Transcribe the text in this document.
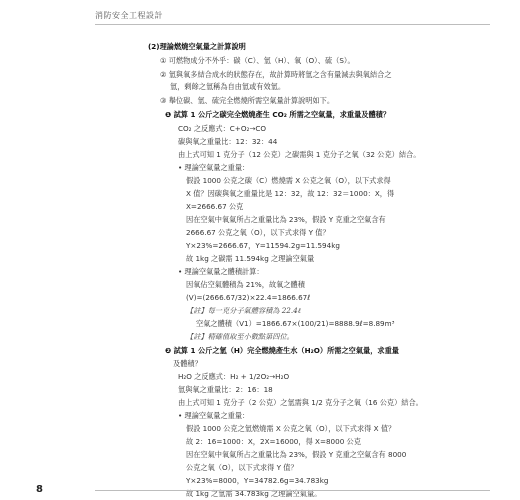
消防安全工程設計
(2)理論燃燒空氣量之計算說明
① 可燃物成分不外乎：碳（C）、氫（H）、氧（O）、硫（S）。
② 氫與氧多結合成水的狀態存在，故計算時將氫之含有量減去與氧結合之
氫，剩餘之氫稱為自由氫或有效氫。
③ 舉位碳、氫、硫完全燃燒所需空氣量計算說明如下。
❶ 試算 1 公斤之碳完全燃燒產生 CO₂ 所需之空氣量，求重量及體積？
CO₂ 之反應式：C+O₂→CO
碳與氧之重量比：12：32：44
由上式可知 1 克分子（12 公克）之碳需與 1 克分子之氧（32 公克）結合。
• 理論空氣量之重量：
假設 1000 公克之碳（C）燃燒需 X 公克之氧（O），以下式求得
X 值？因碳與氧之重量比是 12：32，故 12：32＝1000：X，得
X=2666.67 公克
因在空氣中氧氣所占之重量比為 23%，假設 Y 克重之空氣含有
2666.67 公克之氧（O），以下式求得 Y 值？
Y×23%=2666.67，Y=11594.2g=11.594kg
故 1kg 之碳需 11.594kg 之理論空氣量
• 理論空氣量之體積計算：
因氧佔空氣體積為 21%，故氧之體積
(V)=(2666.67/32)×22.4=1866.67ℓ
【註】每一克分子氣體容積為 22.4ℓ
空氣之體積（V1）=1866.67×(100/21)=8888.9ℓ=8.89m³
【註】精確值取至小數點第四位。
❷ 試算 1 公斤之氫（H）完全燃燒產生水（H₂O）所需之空氣量，求重量
及體積？
H₂O 之反應式：H₂ + 1/2O₂→H₂O
氫與氧之重量比：2：16：18
由上式可知 1 克分子（2 公克）之氫需與 1/2 克分子之氧（16 公克）結合。
• 理論空氣量之重量：
假設 1000 公克之氫燃燒需 X 公克之氧（O），以下式求得 X 值？
故 2：16=1000：X，2X=16000，得 X=8000 公克
因在空氣中氧氣所占之重量比為 23%，假設 Y 克重之空氣含有 8000
公克之氧（O），以下式求得 Y 值？
Y×23%=8000，Y=34782.6g=34.783kg
故 1kg 之氫需 34.783kg 之理論空氣量。
8
